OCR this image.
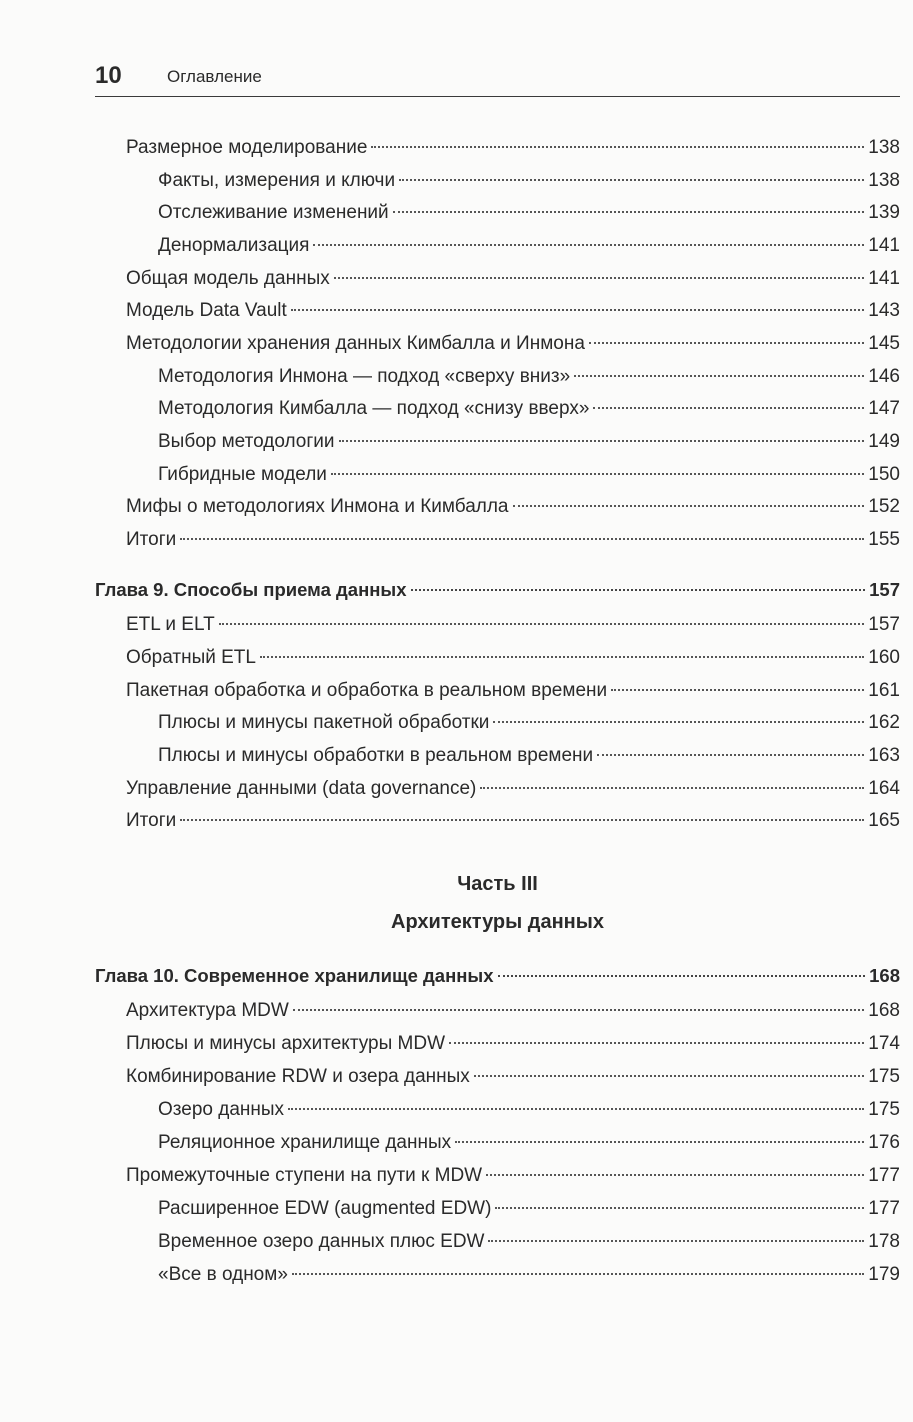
10	Оглавление
Размерное моделирование	138
Факты, измерения и ключи	138
Отслеживание изменений	139
Денормализация	141
Общая модель данных	141
Модель Data Vault	143
Методологии хранения данных Кимбалла и Инмона	145
Методология Инмона — подход «сверху вниз»	146
Методология Кимбалла — подход «снизу вверх»	147
Выбор методологии	149
Гибридные модели	150
Мифы о методологиях Инмона и Кимбалла	152
Итоги	155
Глава 9. Способы приема данных	157
ETL и ELT	157
Обратный ETL	160
Пакетная обработка и обработка в реальном времени	161
Плюсы и минусы пакетной обработки	162
Плюсы и минусы обработки в реальном времени	163
Управление данными (data governance)	164
Итоги	165
Часть III
Архитектуры данных
Глава 10. Современное хранилище данных	168
Архитектура MDW	168
Плюсы и минусы архитектуры MDW	174
Комбинирование RDW и озера данных	175
Озеро данных	175
Реляционное хранилище данных	176
Промежуточные ступени на пути к MDW	177
Расширенное EDW (augmented EDW)	177
Временное озеро данных плюс EDW	178
«Все в одном»	179
